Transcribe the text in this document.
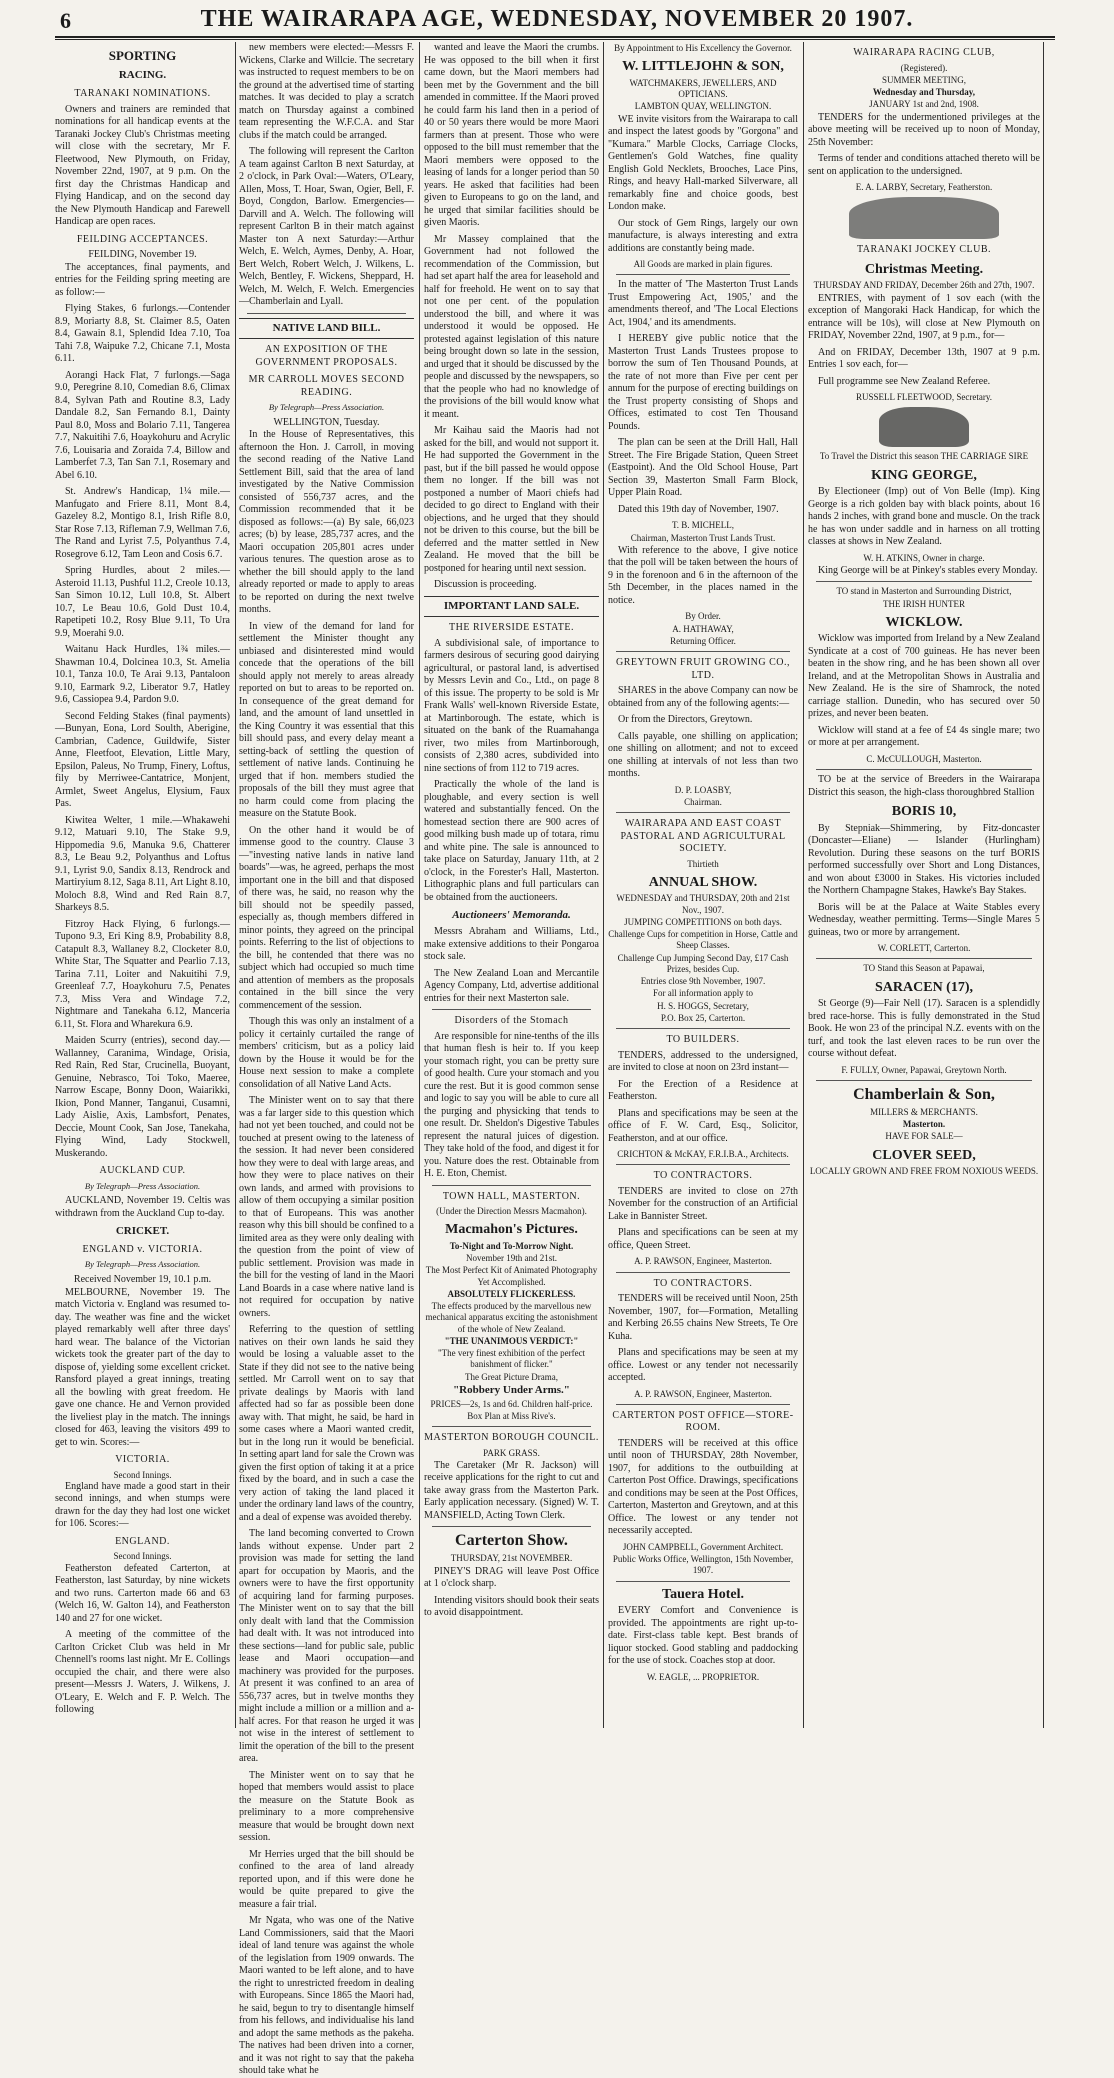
6	THE WAIRARAPA AGE, WEDNESDAY, NOVEMBER 20 1907.
SPORTING
RACING.
TARANAKI NOMINATIONS.

Owners and trainers are reminded that nominations for all handicap events at the Taranaki Jockey Club's Christmas meeting will close with the secretary, Mr F. Fleetwood, New Plymouth, on Friday, November 22nd, 1907, at 9 p.m. On the first day the Christmas Handicap and Flying Handicap, and on the second day the New Plymouth Handicap and Farewell Handicap are open races.

FEILDING ACCEPTANCES.
FEILDING, November 19.

The acceptances, final payments, and entries for the Feilding spring meeting are as follow:—

Flying Stakes, 6 furlongs.—Contender 8.9, Moriarty 8.8, St. Claimer 8.5, Oaten 8.4, Gawain 8.1, Splendid Idea 7.10, Toa Tahi 7.8, Waipuke 7.2, Chicane 7.1, Mosta 6.11.

Aorangi Hack Flat, 7 furlongs.—Saga 9.0, Peregrine 8.10, Comedian 8.6, Climax 8.4, Sylvan Path and Routine 8.3, Lady Dandale 8.2, San Fernando 8.1, Dainty Paul 8.0, Moss and Bolario 7.11, Tangerea 7.7, Nakuitihi 7.6, Hoaykohuru and Acrylic 7.6, Louisaria and Zoraida 7.4, Billow and Lamberfet 7.3, Tan San 7.1, Rosemary and Abel 6.10.

St. Andrew's Handicap, 1¼ mile.—Manfugato and Friere 8.11, Mont 8.4, Gazeley 8.2, Montigo 8.1, Irish Rifle 8.0, Star Rose 7.13, Rifleman 7.9, Wellman 7.6, The Rand and Lyrist 7.5, Polyanthus 7.4, Rosegrove 6.12, Tam Leon and Cosis 6.7.

Spring Hurdles, about 2 miles.—Asteroid 11.13, Pushful 11.2, Creole 10.13, San Simon 10.12, Lull 10.8, St. Albert 10.7, Le Beau 10.6, Gold Dust 10.4, Rapetipeti 10.2, Rosy Blue 9.11, To Ura 9.9, Moerahi 9.0.

Waitanu Hack Hurdles, 1¾ miles.—Shawman 10.4, Dolcinea 10.3, St. Amelia 10.1, Tanza 10.0, Te Arai 9.13, Pantaloon 9.10, Earmark 9.2, Liberator 9.7, Hatley 9.6, Cassiopea 9.4, Pardon 9.0.

Second Felding Stakes (final payments)—Bunyan, Eona, Lord Soulth, Aberigine, Cambrian, Cadence, Guildwife, Sister Anne, Fleetfoot, Elevation, Little Mary, Epsilon, Paleus, No Trump, Finery, Loftus, fily by Merriwee-Cantatrice, Monjent, Armlet, Sweet Angelus, Elysium, Faux Pas.

Kiwitea Welter, 1 mile.—Whakawehi 9.12, Matuari 9.10, The Stake 9.9, Hippomedia 9.6, Manuka 9.6, Chatterer 8.3, Le Beau 9.2, Polyanthus and Loftus 9.1, Lyrist 9.0, Sandix 8.13, Rendrock and Martiryium 8.12, Saga 8.11, Art Light 8.10, Moloch 8.8, Wind and Red Rain 8.7, Sharkeys 8.5.

Fitzroy Hack Flying, 6 furlongs.—Tupono 9.3, Eri King 8.9, Probability 8.8, Catapult 8.3, Wallaney 8.2, Clocketer 8.0, White Star, The Squatter and Pearlio 7.13, Tarina 7.11, Loiter and Nakuitihi 7.9, Greenleaf 7.7, Hoaykohuru 7.5, Penates 7.3, Miss Vera and Windage 7.2, Nightmare and Tanekaha 6.12, Manceria 6.11, St. Flora and Wharekura 6.9.

Maiden Scurry (entries), second day.—Wallanney, Caranima, Windage, Orisia, Red Rain, Red Star, Crucinella, Buoyant, Genuine, Nebrasco, Toi Toko, Maeree, Narrow Escape, Bonny Doon, Waiarikki, Ikion, Pond Manner, Tanganui, Cusamni, Lady Aislie, Axis, Lambsfort, Penates, Deccie, Mount Cook, San Jose, Tanekaha, Flying Wind, Lady Stockwell, Muskerando.

AUCKLAND CUP.
By Telegraph—Press Association.

AUCKLAND, November 19. Celtis was withdrawn from the Auckland Cup to-day.

CRICKET.
ENGLAND v. VICTORIA.
By Telegraph—Press Association.
Received November 19, 10.1 p.m.

MELBOURNE, November 19. The match Victoria v. England was resumed to-day. The weather was fine and the wicket played remarkably well after three days' hard wear. The balance of the Victorian wickets took the greater part of the day to dispose of, yielding some excellent cricket. Ransford played a great innings, treating all the bowling with great freedom. He gave one chance. He and Vernon provided the liveliest play in the match. The innings closed for 463, leaving the visitors 499 to get to win. Scores:—

VICTORIA.
Second Innings.

England have made a good start in their second innings, and when stumps were drawn for the day they had lost one wicket for 106. Scores:—

ENGLAND.
Second Innings.

Featherston defeated Carterton, at Featherston, last Saturday, by nine wickets and two runs. Carterton made 66 and 63 (Welch 16, W. Galton 14), and Featherston 140 and 27 for one wicket.

A meeting of the committee of the Carlton Cricket Club was held in Mr Chennell's rooms last night. Mr E. Collings occupied the chair, and there were also present—Messrs J. Waters, J. Wilkens, J. O'Leary, E. Welch and F. P. Welch. The following

new members were elected:—Messrs F. Wickens, Clarke and Willcie. The secretary was instructed to request members to be on the ground at the advertised time of starting matches. It was decided to play a scratch match on Thursday against a combined team representing the W.F.C.A. and Star clubs if the match could be arranged.

The following will represent the Carlton A team against Carlton B next Saturday, at 2 o'clock, in Park Oval:—Waters, O'Leary, Allen, Moss, T. Hoar, Swan, Ogier, Bell, F. Boyd, Congdon, Barlow. Emergencies—Darvill and A. Welch. The following will represent Carlton B in their match against Master ton A next Saturday:—Arthur Welch, E. Welch, Aymes, Denby, A. Hoar, Bert Welch, Robert Welch, J. Wilkens, L. Welch, Bentley, F. Wickens, Sheppard, H. Welch, M. Welch, F. Welch. Emergencies—Chamberlain and Lyall.

NATIVE LAND BILL.
AN EXPOSITION OF THE GOVERNMENT PROPOSALS.
MR CARROLL MOVES SECOND READING.
By Telegraph—Press Association.
WELLINGTON, Tuesday.

In the House of Representatives, this afternoon the Hon. J. Carroll, in moving the second reading of the Native Land Settlement Bill, said that the area of land investigated by the Native Commission consisted of 556,737 acres, and the Commission recommended that it be disposed as follows:—(a) By sale, 66,023 acres; (b) by lease, 285,737 acres, and the Maori occupation 205,801 acres under various tenures. The question arose as to whether the bill should apply to the land already reported or made to apply to areas to be reported on during the next twelve months.

In view of the demand for land for settlement the Minister thought any unbiased and disinterested mind would concede that the operations of the bill should apply not merely to areas already reported on but to areas to be reported on. In consequence of the great demand for land, and the amount of land unsettled in the King Country it was essential that this bill should pass, and every delay meant a setting-back of settling the question of settlement of native lands. Continuing he urged that if hon. members studied the proposals of the bill they must agree that no harm could come from placing the measure on the Statute Book.

On the other hand it would be of immense good to the country. Clause 3—"investing native lands in native land boards"—was, he agreed, perhaps the most important one in the bill and that disposed of there was, he said, no reason why the bill should not be speedily passed, especially as, though members differed in minor points, they agreed on the principal points. Referring to the list of objections to the bill, he contended that there was no subject which had occupied so much time and attention of members as the proposals contained in the bill since the very commencement of the session.

Though this was only an instalment of a policy it certainly curtailed the range of members' criticism, but as a policy laid down by the House it would be for the House next session to make a complete consolidation of all Native Land Acts.

The Minister went on to say that there was a far larger side to this question which had not yet been touched, and could not be touched at present owing to the lateness of the session. It had never been considered how they were to deal with large areas, and how they were to place natives on their own lands, and armed with provisions to allow of them occupying a similar position to that of Europeans. This was another reason why this bill should be confined to a limited area as they were only dealing with the question from the point of view of public settlement. Provision was made in the bill for the vesting of land in the Maori Land Boards in a case where native land is not required for occupation by native owners.

Referring to the question of settling natives on their own lands he said they would be losing a valuable asset to the State if they did not see to the native being settled. Mr Carroll went on to say that private dealings by Maoris with land affected had so far as possible been done away with. That might, he said, be hard in some cases where a Maori wanted credit, but in the long run it would be beneficial. In setting apart land for sale the Crown was given the first option of taking it at a price fixed by the board, and in such a case the very action of taking the land placed it under the ordinary land laws of the country, and a deal of expense was avoided thereby.

The land becoming converted to Crown lands without expense. Under part 2 provision was made for setting the land apart for occupation by Maoris, and the owners were to have the first opportunity of acquiring land for farming purposes. The Minister went on to say that the bill only dealt with land that the Commission had dealt with. It was not introduced into these sections—land for public sale, public lease and Maori occupation—and machinery was provided for the purposes. At present it was confined to an area of 556,737 acres, but in twelve months they might include a million or a million and a-half acres. For that reason he urged it was not wise in the interest of settlement to limit the operation of the bill to the present area.

The Minister went on to say that he hoped that members would assist to place the measure on the Statute Book as preliminary to a more comprehensive measure that would be brought down next session.

Mr Herries urged that the bill should be confined to the area of land already reported upon, and if this were done he would be quite prepared to give the measure a fair trial.

Mr Ngata, who was one of the Native Land Commissioners, said that the Maori ideal of land tenure was against the whole of the legislation from 1909 onwards. The Maori wanted to be left alone, and to have the right to unrestricted freedom in dealing with Europeans. Since 1865 the Maori had, he said, begun to try to disentangle himself from his fellows, and individualise his land and adopt the same methods as the pakeha. The natives had been driven into a corner, and it was not right to say that the pakeha should take what he

wanted and leave the Maori the crumbs. He was opposed to the bill when it first came down, but the Maori members had been met by the Government and the bill amended in committee. If the Maori proved he could farm his land then in a period of 40 or 50 years there would be more Maori farmers than at present. Those who were opposed to the bill must remember that the Maori members were opposed to the leasing of lands for a longer period than 50 years. He asked that facilities had been given to Europeans to go on the land, and he urged that similar facilities should be given Maoris.

Mr Massey complained that the Government had not followed the recommendation of the Commission, but had set apart half the area for leasehold and half for freehold. He went on to say that not one per cent. of the population understood the bill, and where it was understood it would be opposed. He protested against legislation of this nature being brought down so late in the session, and urged that it should be discussed by the people and discussed by the newspapers, so that the people who had no knowledge of the provisions of the bill would know what it meant.

Mr Kaihau said the Maoris had not asked for the bill, and would not support it. He had supported the Government in the past, but if the bill passed he would oppose them no longer. If the bill was not postponed a number of Maori chiefs had decided to go direct to England with their objections, and he urged that they should not be driven to this course, but the bill be deferred and the matter settled in New Zealand. He moved that the bill be postponed for hearing until next session.

Discussion is proceeding.

IMPORTANT LAND SALE.
THE RIVERSIDE ESTATE.

A subdivisional sale, of importance to farmers desirous of securing good dairying agricultural, or pastoral land, is advertised by Messrs Levin and Co., Ltd., on page 8 of this issue. The property to be sold is Mr Frank Walls' well-known Riverside Estate, at Martinborough. The estate, which is situated on the bank of the Ruamahanga river, two miles from Martinborough, consists of 2,380 acres, subdivided into nine sections of from 112 to 719 acres.

Practically the whole of the land is ploughable, and every section is well watered and substantially fenced. On the homestead section there are 900 acres of good milking bush made up of totara, rimu and white pine. The sale is announced to take place on Saturday, January 11th, at 2 o'clock, in the Forester's Hall, Masterton. Lithographic plans and full particulars can be obtained from the auctioneers.

Auctioneers' Memoranda.

Messrs Abraham and Williams, Ltd., make extensive additions to their Pongaroa stock sale.

The New Zealand Loan and Mercantile Agency Company, Ltd, advertise additional entries for their next Masterton sale.

Disorders of the Stomach

Are responsible for nine-tenths of the ills that human flesh is heir to. If you keep your stomach right, you can be pretty sure of good health. Cure your stomach and you cure the rest. But it is good common sense and logic to say you will be able to cure all the purging and physicking that tends to one result. Dr. Sheldon's Digestive Tabules represent the natural juices of digestion. They take hold of the food, and digest it for you. Nature does the rest. Obtainable from H. E. Eton, Chemist.

TOWN HALL, MASTERTON.
(Under the Direction Messrs Macmahon).
Macmahon's Pictures.
To-Night and To-Morrow Night.
November 19th and 21st.
The Most Perfect Kit of Animated Photography Yet Accomplished.
ABSOLUTELY FLICKERLESS.
The effects produced by the marvellous new mechanical apparatus exciting the astonishment of the whole of New Zealand.
"THE UNANIMOUS VERDICT:"
"The very finest exhibition of the perfect banishment of flicker."
The Great Picture Drama,
"Robbery Under Arms."
PRICES—2s, 1s and 6d. Children half-price.
Box Plan at Miss Rive's.
MASTERTON BOROUGH COUNCIL.
PARK GRASS.

The Caretaker (Mr R. Jackson) will receive applications for the right to cut and take away grass from the Masterton Park. Early application necessary. (Signed) W. T. MANSFIELD, Acting Town Clerk.

Carterton Show.
THURSDAY, 21st NOVEMBER.

PINEY'S DRAG will leave Post Office at 1 o'clock sharp.

Intending visitors should book their seats to avoid disappointment.

By Appointment to His Excellency the Governor.
W. LITTLEJOHN & SON,
WATCHMAKERS, JEWELLERS, AND OPTICIANS.
LAMBTON QUAY, WELLINGTON.

WE invite visitors from the Wairarapa to call and inspect the latest goods by "Gorgona" and "Kumara." Marble Clocks, Carriage Clocks, Gentlemen's Gold Watches, fine quality English Gold Necklets, Brooches, Lace Pins, Rings, and heavy Hall-marked Silverware, all remarkably fine and choice goods, best London make.

Our stock of Gem Rings, largely our own manufacture, is always interesting and extra additions are constantly being made.

All Goods are marked in plain figures.

In the matter of 'The Masterton Trust Lands Trust Empowering Act, 1905,' and the amendments thereof, and 'The Local Elections Act, 1904,' and its amendments.

I HEREBY give public notice that the Masterton Trust Lands Trustees propose to borrow the sum of Ten Thousand Pounds, at the rate of not more than Five per cent per annum for the purpose of erecting buildings on the Trust property consisting of Shops and Offices, estimated to cost Ten Thousand Pounds.

The plan can be seen at the Drill Hall, Hall Street. The Fire Brigade Station, Queen Street (Eastpoint). And the Old School House, Part Section 39, Masterton Small Farm Block, Upper Plain Road.

Dated this 19th day of November, 1907.

T. B. MICHELL,
Chairman, Masterton Trust Lands Trust.

With reference to the above, I give notice that the poll will be taken between the hours of 9 in the forenoon and 6 in the afternoon of the 5th December, in the places named in the notice.

By Order.
A. HATHAWAY,
Returning Officer.
GREYTOWN FRUIT GROWING CO., LTD.

SHARES in the above Company can now be obtained from any of the following agents:—

Or from the Directors, Greytown.

Calls payable, one shilling on application; one shilling on allotment; and not to exceed one shilling at intervals of not less than two months.

D. P. LOASBY,
Chairman.
WAIRARAPA AND EAST COAST PASTORAL AND AGRICULTURAL SOCIETY.
Thirtieth
ANNUAL SHOW.
WEDNESDAY and THURSDAY, 20th and 21st Nov., 1907.
JUMPING COMPETITIONS on both days.
Challenge Cups for competition in Horse, Cattle and Sheep Classes.
Challenge Cup Jumping Second Day, £17 Cash Prizes, besides Cup.
Entries close 9th November, 1907.
For all information apply to
H. S. HOGGS, Secretary,
P.O. Box 25, Carterton.
TO BUILDERS.

TENDERS, addressed to the undersigned, are invited to close at noon on 23rd instant—

For the Erection of a Residence at Featherston.

Plans and specifications may be seen at the office of F. W. Card, Esq., Solicitor, Featherston, and at our office.

CRICHTON & McKAY, F.R.I.B.A., Architects.
TO CONTRACTORS.

TENDERS are invited to close on 27th November for the construction of an Artificial Lake in Bannister Street.

Plans and specifications can be seen at my office, Queen Street.

A. P. RAWSON, Engineer, Masterton.
TO CONTRACTORS.

TENDERS will be received until Noon, 25th November, 1907, for—Formation, Metalling and Kerbing 26.55 chains New Streets, Te Ore Kuha.

Plans and specifications may be seen at my office. Lowest or any tender not necessarily accepted.

A. P. RAWSON, Engineer, Masterton.
CARTERTON POST OFFICE—STORE-ROOM.

TENDERS will be received at this office until noon of THURSDAY, 28th November, 1907, for additions to the outbuilding at Carterton Post Office. Drawings, specifications and conditions may be seen at the Post Offices, Carterton, Masterton and Greytown, and at this Office. The lowest or any tender not necessarily accepted.

JOHN CAMPBELL, Government Architect.
Public Works Office, Wellington, 15th November, 1907.
Tauera Hotel.

EVERY Comfort and Convenience is provided. The appointments are right up-to-date. First-class table kept. Best brands of liquor stocked. Good stabling and paddocking for the use of stock. Coaches stop at door.

W. EAGLE, ... PROPRIETOR.
WAIRARAPA RACING CLUB,
(Registered).
SUMMER MEETING,
Wednesday and Thursday,
JANUARY 1st and 2nd, 1908.

TENDERS for the undermentioned privileges at the above meeting will be received up to noon of Monday, 25th November:

Terms of tender and conditions attached thereto will be sent on application to the undersigned.

E. A. LARBY, Secretary, Featherston.
TARANAKI JOCKEY CLUB.
Christmas Meeting.
THURSDAY AND FRIDAY, December 26th and 27th, 1907.

ENTRIES, with payment of 1 sov each (with the exception of Mangoraki Hack Handicap, for which the entrance will be 10s), will close at New Plymouth on FRIDAY, November 22nd, 1907, at 9 p.m., for—

And on FRIDAY, December 13th, 1907 at 9 p.m. Entries 1 sov each, for—

Full programme see New Zealand Referee.

RUSSELL FLEETWOOD, Secretary.
To Travel the District this season THE CARRIAGE SIRE
KING GEORGE,

By Electioneer (Imp) out of Von Belle (Imp). King George is a rich golden bay with black points, about 16 hands 2 inches, with grand bone and muscle. On the track he has won under saddle and in harness on all trotting classes at shows in New Zealand.

W. H. ATKINS, Owner in charge.

King George will be at Pinkey's stables every Monday.

TO stand in Masterton and Surrounding District,
THE IRISH HUNTER
WICKLOW.

Wicklow was imported from Ireland by a New Zealand Syndicate at a cost of 700 guineas. He has never been beaten in the show ring, and he has been shown all over Ireland, and at the Metropolitan Shows in Australia and New Zealand. He is the sire of Shamrock, the noted carriage stallion. Dunedin, who has secured over 50 prizes, and never been beaten.

Wicklow will stand at a fee of £4 4s single mare; two or more at per arrangement.

C. McCULLOUGH, Masterton.

TO be at the service of Breeders in the Wairarapa District this season, the high-class thoroughbred Stallion

BORIS 10,

By Stepniak—Shimmering, by Fitz-doncaster (Doncaster—Eliane) — Islander (Hurlingham) Revolution. During these seasons on the turf BORIS performed successfully over Short and Long Distances, and won about £3000 in Stakes. His victories included the Northern Champagne Stakes, Hawke's Bay Stakes.

Boris will be at the Palace at Waite Stables every Wednesday, weather permitting. Terms—Single Mares 5 guineas, two or more by arrangement.

W. CORLETT, Carterton.
TO Stand this Season at Papawai,
SARACEN (17),

St George (9)—Fair Nell (17). Saracen is a splendidly bred race-horse. This is fully demonstrated in the Stud Book. He won 23 of the principal N.Z. events with on the turf, and took the last eleven races to be run over the course without defeat.

F. FULLY, Owner, Papawai, Greytown North.
Chamberlain & Son,
MILLERS & MERCHANTS.
Masterton.
HAVE FOR SALE—
CLOVER SEED,
LOCALLY GROWN AND FREE FROM NOXIOUS WEEDS.
